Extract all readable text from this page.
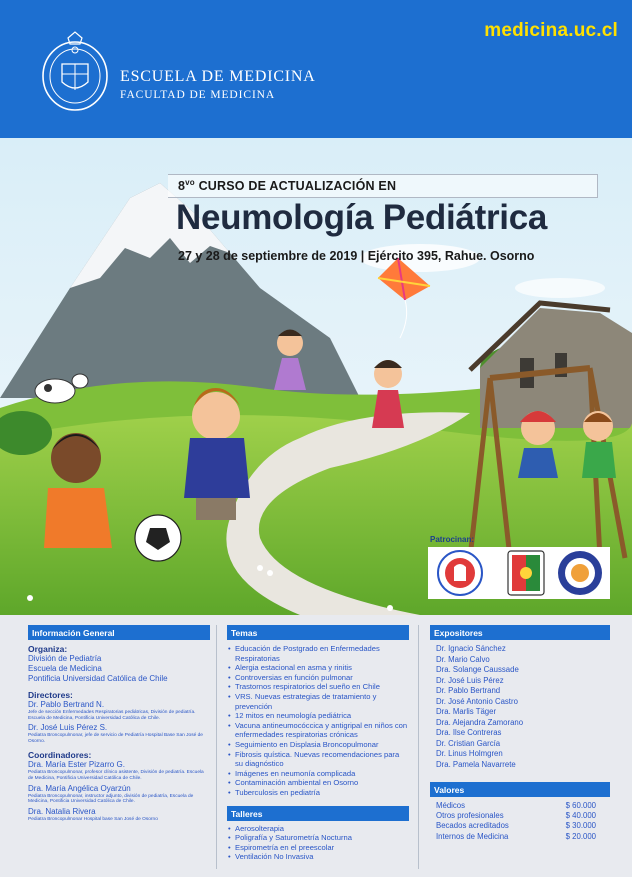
medicina.uc.cl
ESCUELA DE MEDICINA
FACULTAD DE MEDICINA
$8^{vo}$ CURSO DE ACTUALIZACIÓN EN
Neumología Pediátrica
27 y 28 de septiembre de 2019 | Ejército 395, Rahue. Osorno
Patrocinan:
Información General
Organiza:
División de Pediatría
Escuela de Medicina
Pontificia Universidad Católica de Chile
Directores:
Dr. Pablo Bertrand N.
Jefe de sección Enfermedades Respiratorias pediátricas, División de pediatría. Escuela de Medicina, Pontificia Universidad Católica de Chile.
Dr. José Luis Pérez S.
Pediatra Broncopulmonar, jefe de servicio de Pediatría Hospital Base San José de Osorno.
Coordinadores:
Dra. María Ester Pizarro G.
Pediatra Broncopulmonar, profesor clínico asistente, División de pediatría. Escuela de Medicina, Pontificia Universidad Católica de Chile.
Dra. María Angélica Oyarzún
Pediatra Broncopulmonar, instructor adjunto, división de pediatría, Escuela de Medicina, Pontificia Universidad Católica de Chile.
Dra. Natalia Rivera
Pediatra Broncopulmonar Hospital base San José de Osorno
Temas
• Educación de Postgrado en Enfermedades Respiratorias
• Alergia estacional en asma y rinitis
• Controversias en función pulmonar
• Trastornos respiratorios del sueño en Chile
• VRS. Nuevas estrategias de tratamiento y prevención
• 12 mitos en neumología pediátrica
• Vacuna antineumocóccica y antigripal en niños con enfermedades respiratorias crónicas
• Seguimiento en Displasia Broncopulmonar
• Fibrosis quística. Nuevas recomendaciones para su diagnóstico
• Imágenes en neumonía complicada
• Contaminación ambiental en Osorno
• Tuberculosis en pediatría
Talleres
• Aerosolterapia
• Poligrafía y Saturometría Nocturna
• Espirometría en el preescolar
• Ventilación No Invasiva
Expositores
Dr. Ignacio Sánchez
Dr. Mario Calvo
Dra. Solange Caussade
Dr. José Luis Pérez
Dr. Pablo Bertrand
Dr. José Antonio Castro
Dra. Marlis Täger
Dra. Alejandra Zamorano
Dra. Ilse Contreras
Dr. Cristian García
Dr. Linus Holmgren
Dra. Pamela Navarrete
Valores
Médicos	$ 60.000
Otros profesionales	$ 40.000
Becados acreditados	$ 30.000
Internos de Medicina	$ 20.000
